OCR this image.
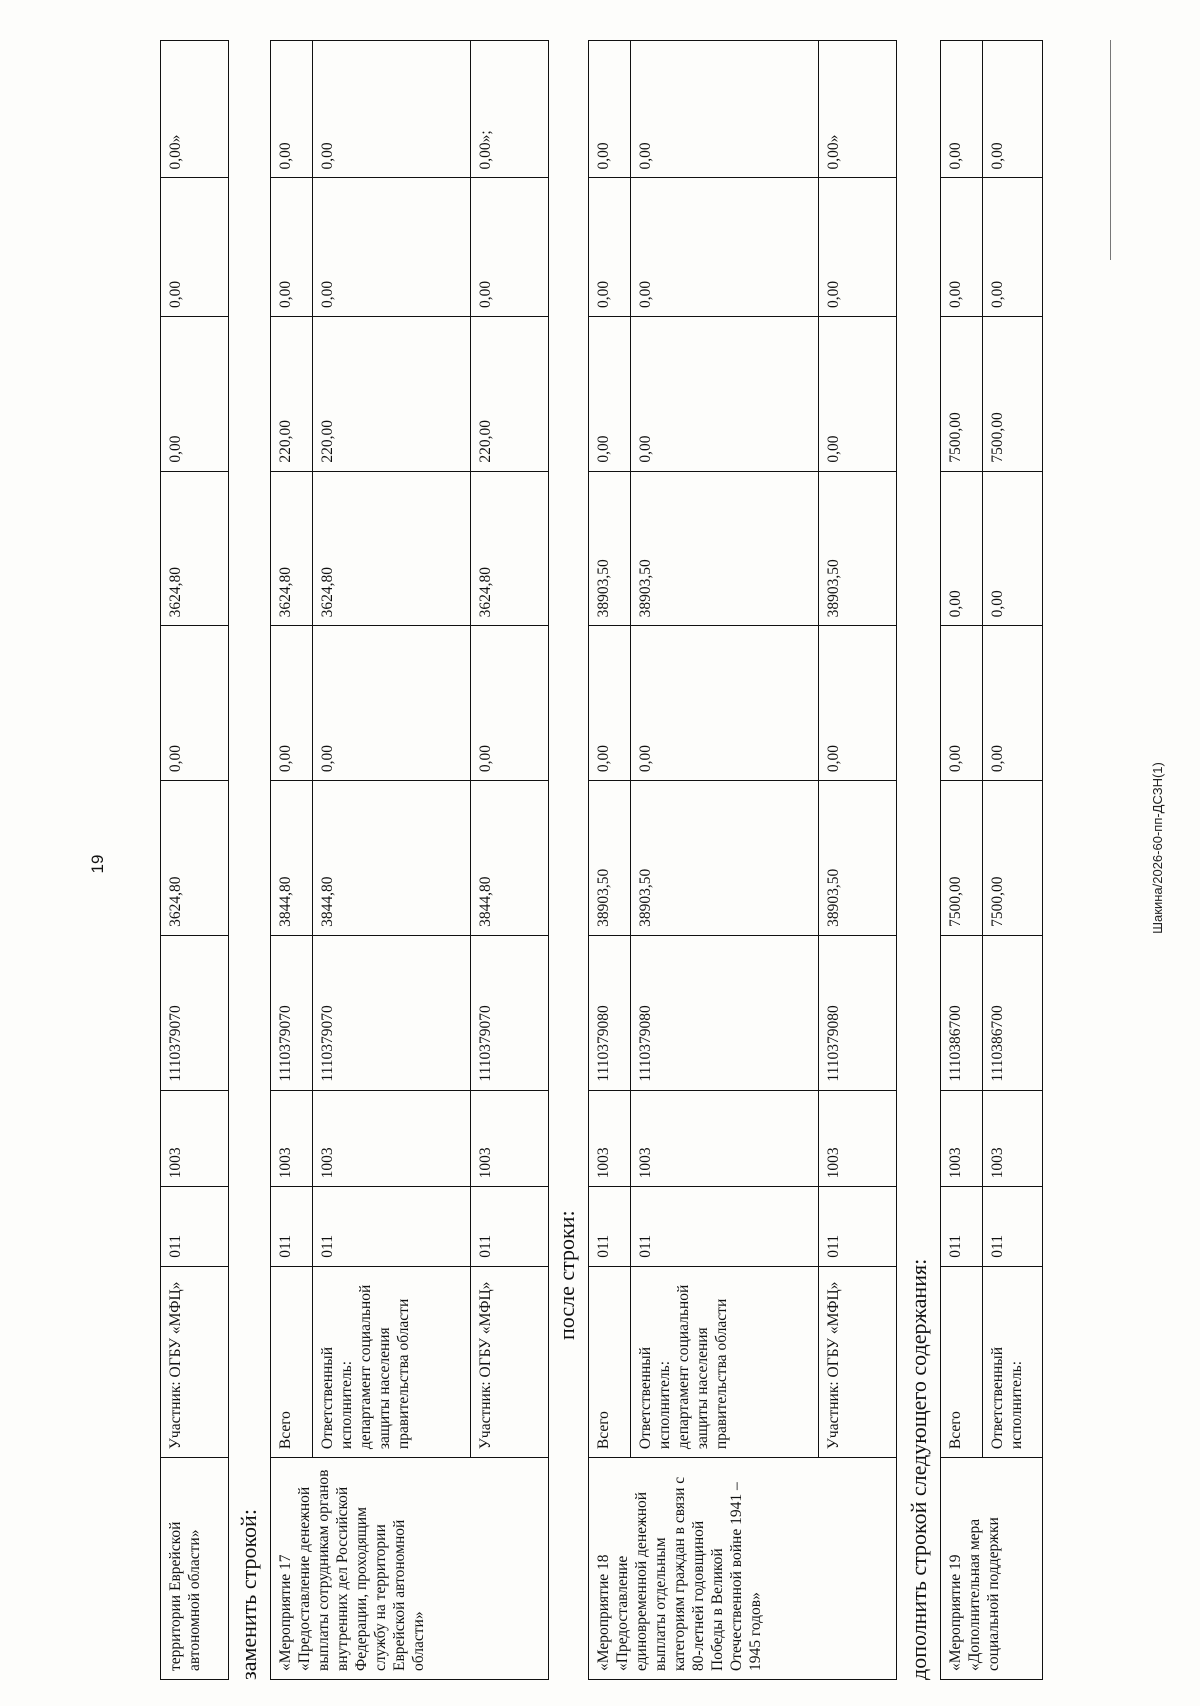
19	Шакина/2026-60-пп-ДСЗН(1)
территории Еврейской автономной области»	Участник: ОГБУ «МФЦ»	011	1003	1110379070	3624,80	0,00	3624,80	0,00	0,00	0,00»
заменить строкой: «Мероприятие 17 «Предоставление денежной выплаты сотрудникам органов внутренних дел Российской Федерации, проходящим службу на территории Еврейской автономной области»	Всего	011	1003	1110379070	3844,80	0,00	3624,80	220,00	0,00	0,00
	Ответственный исполнитель: департамент социальной защиты населения правительства области	011	1003	1110379070	3844,80	0,00	3624,80	220,00	0,00	0,00
	Участник: ОГБУ «МФЦ»	011	1003	1110379070	3844,80	0,00	3624,80	220,00	0,00	0,00»;
после строки:
«Мероприятие 18 «Предоставление единовременной денежной выплаты отдельным категориям граждан в связи с 80-летней годовщиной Победы в Великой Отечественной войне 1941 – 1945 годов»	Всего	011	1003	1110379080	38903,50	0,00	38903,50	0,00	0,00	0,00
	Ответственный исполнитель: департамент социальной защиты населения правительства области	011	1003	1110379080	38903,50	0,00	38903,50	0,00	0,00	0,00
	Участник: ОГБУ «МФЦ»	011	1003	1110379080	38903,50	0,00	38903,50	0,00	0,00	0,00»
дополнить строкой следующего содержания: «Мероприятие 19 «Дополнительная мера социальной поддержки	Всего	011	1003	1110386700	7500,00	0,00	0,00	7500,00	0,00	0,00
	Ответственный исполнитель:	011	1003	1110386700	7500,00	0,00	0,00	7500,00	0,00	0,00
